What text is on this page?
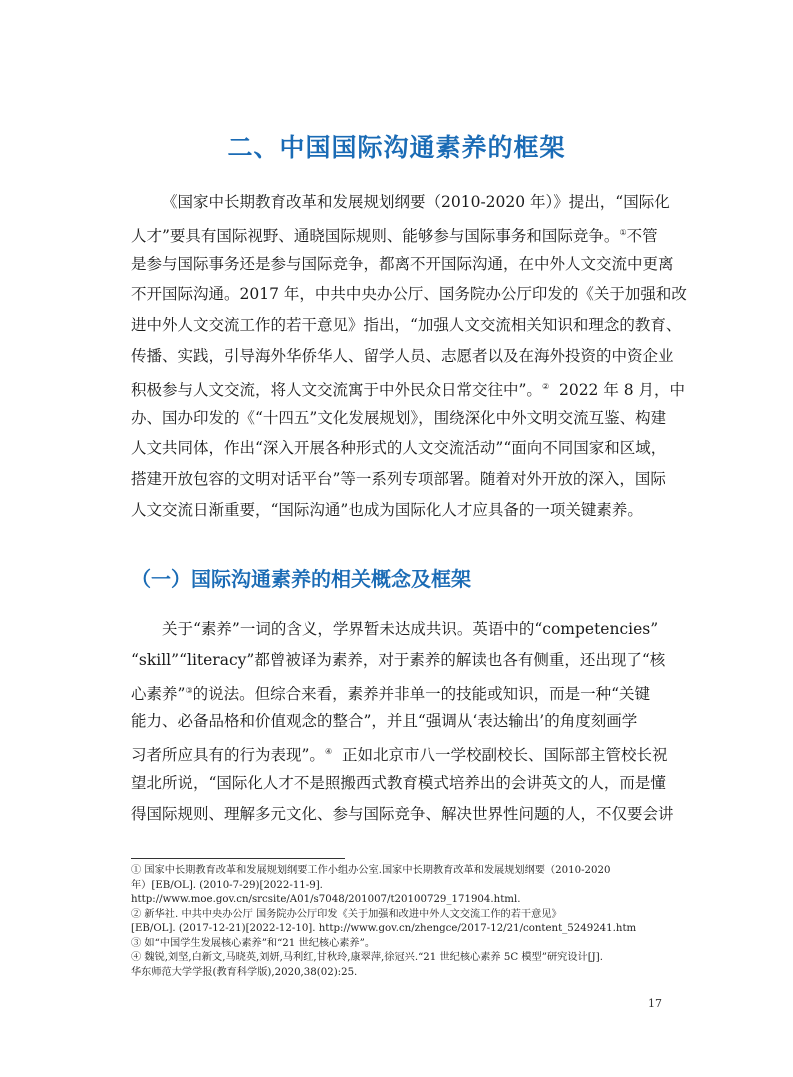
二、中国国际沟通素养的框架
《国家中长期教育改革和发展规划纲要（2010-2020 年）》提出，“国际化
人才”要具有国际视野、通晓国际规则、能够参与国际事务和国际竞争。①不管
是参与国际事务还是参与国际竞争，都离不开国际沟通，在中外人文交流中更离
不开国际沟通。2017 年，中共中央办公厅、国务院办公厅印发的《关于加强和改
进中外人文交流工作的若干意见》指出，“加强人文交流相关知识和理念的教育、
传播、实践，引导海外华侨华人、留学人员、志愿者以及在海外投资的中资企业
积极参与人文交流，将人文交流寓于中外民众日常交往中”。② 2022 年 8 月，中
办、国办印发的《“十四五”文化发展规划》，围绕深化中外文明交流互鉴、构建
人文共同体，作出“深入开展各种形式的人文交流活动”“面向不同国家和区域，
搭建开放包容的文明对话平台”等一系列专项部署。随着对外开放的深入，国际
人文交流日渐重要，“国际沟通”也成为国际化人才应具备的一项关键素养。
（一）国际沟通素养的相关概念及框架
关于“素养”一词的含义，学界暂未达成共识。英语中的“competencies”
“skill”“literacy”都曾被译为素养，对于素养的解读也各有侧重，还出现了“核
心素养”③的说法。但综合来看，素养并非单一的技能或知识，而是一种“关键
能力、必备品格和价值观念的整合”，并且“强调从‘表达输出’的角度刻画学
习者所应具有的行为表现”。④ 正如北京市八一学校副校长、国际部主管校长祝
望北所说，“国际化人才不是照搬西式教育模式培养出的会讲英文的人，而是懂
得国际规则、理解多元文化、参与国际竞争、解决世界性问题的人，不仅要会讲
① 国家中长期教育改革和发展规划纲要工作小组办公室.国家中长期教育改革和发展规划纲要（2010-2020
年）[EB/OL]. (2010-7-29)[2022-11-9].
http://www.moe.gov.cn/srcsite/A01/s7048/201007/t20100729_171904.html.
② 新华社. 中共中央办公厅 国务院办公厅印发《关于加强和改进中外人文交流工作的若干意见》
[EB/OL]. (2017-12-21)[2022-12-10]. http://www.gov.cn/zhengce/2017-12/21/content_5249241.htm
③ 如“中国学生发展核心素养”和“21 世纪核心素养”。
④ 魏锐,刘坚,白新文,马晓英,刘妍,马利红,甘秋玲,康翠萍,徐冠兴.“21 世纪核心素养 5C 模型”研究设计[J].
华东师范大学学报(教育科学版),2020,38(02):25.
17
